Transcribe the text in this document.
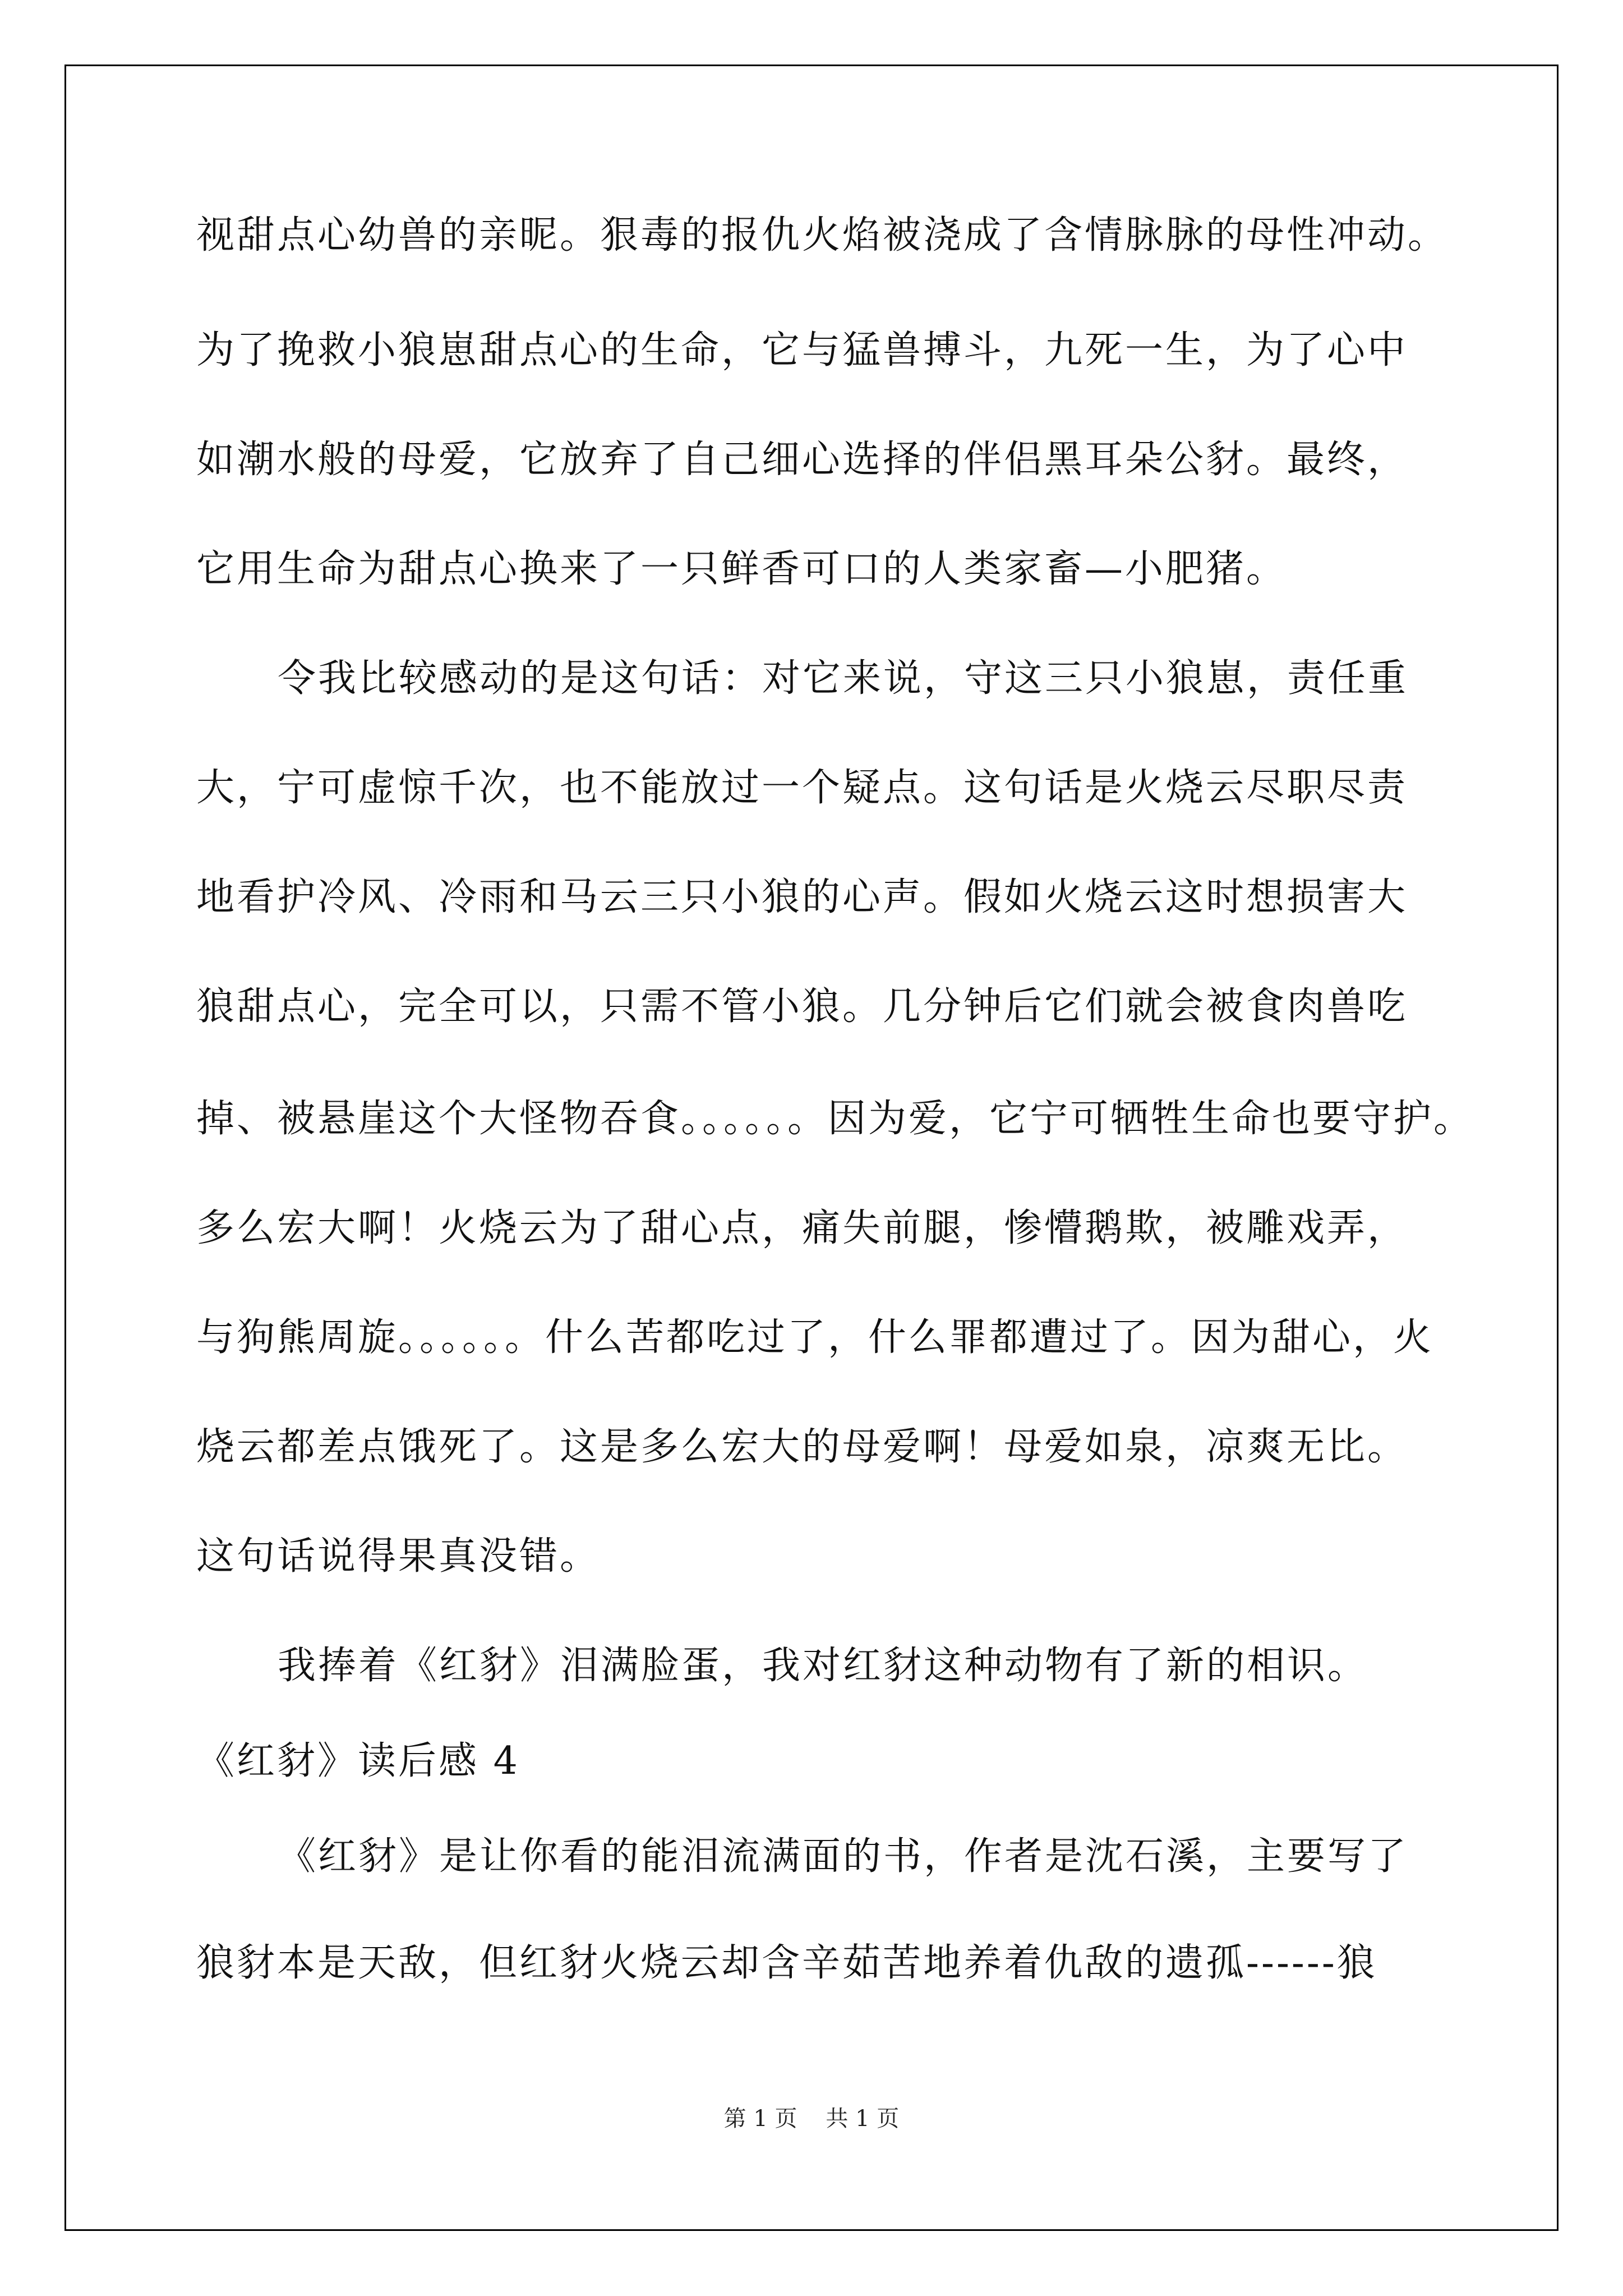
视甜点心幼兽的亲昵。狠毒的报仇火焰被浇成了含情脉脉的母性冲动。
为了挽救小狼崽甜点心的生命，它与猛兽搏斗，九死一生，为了心中
如潮水般的母爱，它放弃了自己细心选择的伴侣黑耳朵公豺。最终，
它用生命为甜点心换来了一只鲜香可口的人类家畜—小肥猪。
令我比较感动的是这句话：对它来说，守这三只小狼崽，责任重
大，宁可虚惊千次，也不能放过一个疑点。这句话是火烧云尽职尽责
地看护冷风、冷雨和马云三只小狼的心声。假如火烧云这时想损害大
狼甜点心，完全可以，只需不管小狼。几分钟后它们就会被食肉兽吃
掉、被悬崖这个大怪物吞食。。。。。。因为爱，它宁可牺牲生命也要守护。
多么宏大啊！火烧云为了甜心点，痛失前腿，惨懵鹅欺，被雕戏弄，
与狗熊周旋。。。。。。什么苦都吃过了，什么罪都遭过了。因为甜心，火
烧云都差点饿死了。这是多么宏大的母爱啊！母爱如泉，凉爽无比。
这句话说得果真没错。
我捧着《红豺》泪满脸蛋，我对红豺这种动物有了新的相识。
《红豺》读后感 4
《红豺》是让你看的能泪流满面的书，作者是沈石溪，主要写了
狼豺本是天敌，但红豺火烧云却含辛茹苦地养着仇敌的遗孤------狼
第 1 页 共 1 页
